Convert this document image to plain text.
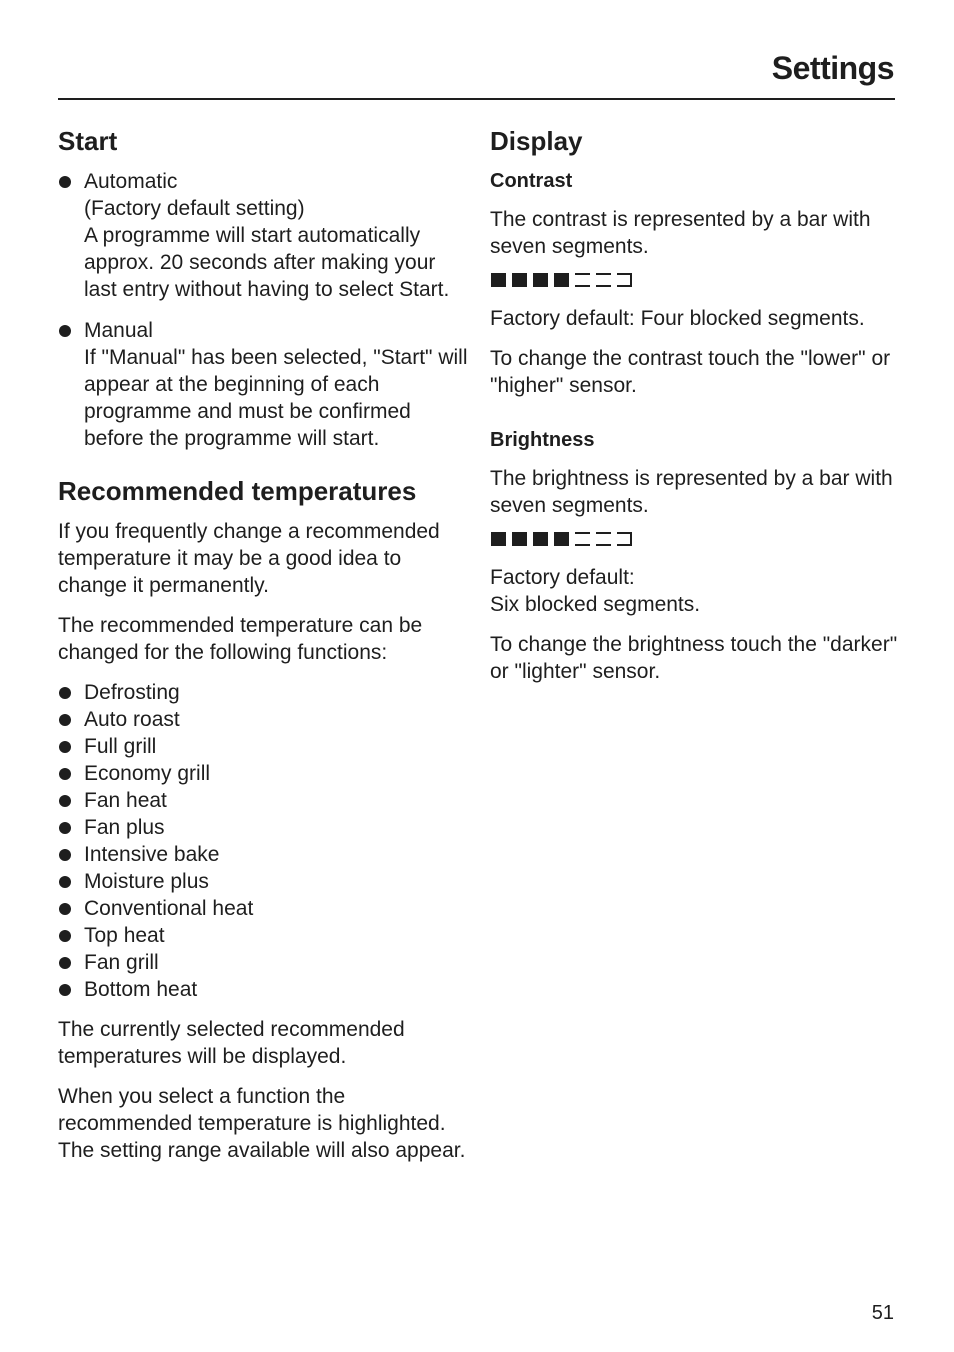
Settings
Start
Automatic
(Factory default setting)
A programme will start automatically approx. 20 seconds after making your last entry without having to select Start.
Manual
If "Manual" has been selected, "Start" will appear at the beginning of each programme and must be confirmed before the programme will start.
Recommended temperatures

If you frequently change a recommended temperature it may be a good idea to change it permanently.

The recommended temperature can be changed for the following functions:

Defrosting
Auto roast
Full grill
Economy grill
Fan heat
Fan plus
Intensive bake
Moisture plus
Conventional heat
Top heat
Fan grill
Bottom heat

The currently selected recommended temperatures will be displayed.

When you select a function the recommended temperature is highlighted.
The setting range available will also appear.

Display
Contrast

The contrast is represented by a bar with seven segments.

Factory default: Four blocked segments.

To change the contrast touch the "lower" or "higher" sensor.

Brightness

The brightness is represented by a bar with seven segments.

Factory default:
Six blocked segments.

To change the brightness touch the "darker" or "lighter" sensor.

51
